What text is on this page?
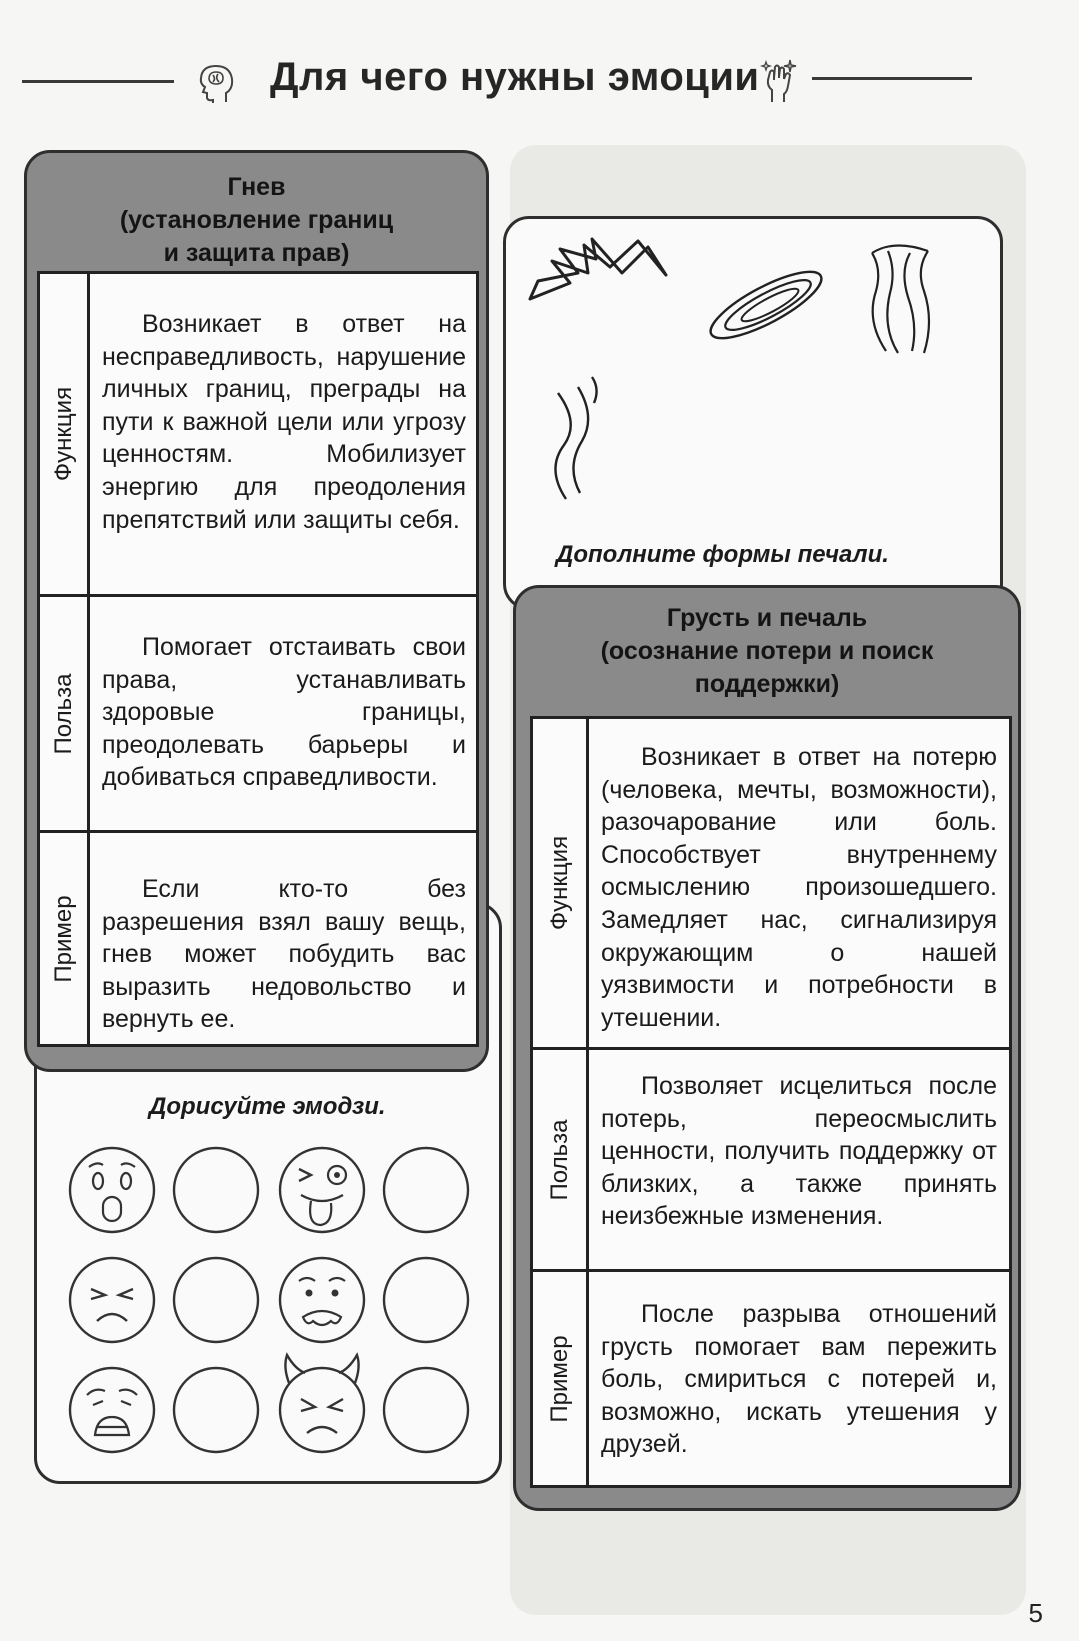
Для чего нужны эмоции
Дополните формы печали.
Дорисуйте эмодзи.
Гнев
(установление границ
и защита прав)
Функция
Возникает в ответ на несправедливость, нарушение личных границ, преграды на пути к важной цели или угрозу ценностям. Мобилизует энергию для преодоления препятствий или защиты себя.
Польза
Помогает отстаивать свои права, устанавливать здоровые границы, преодолевать барьеры и добиваться справедливости.
Пример
Если кто-то без разрешения взял вашу вещь, гнев может побудить вас выразить недовольство и вернуть ее.
Грусть и печаль
(осознание потери и поиск
поддержки)
Функция
Возникает в ответ на потерю (человека, мечты, возможности), разочарование или боль. Способствует внутреннему осмыслению произошедшего. Замедляет нас, сигнализируя окружающим о нашей уязвимости и потребности в утешении.
Польза
Позволяет исцелиться после потерь, переосмыслить ценности, получить поддержку от близких, а также принять неизбежные изменения.
Пример
После разрыва отношений грусть помогает вам пережить боль, смириться с потерей и, возможно, искать утешения у друзей.
5
